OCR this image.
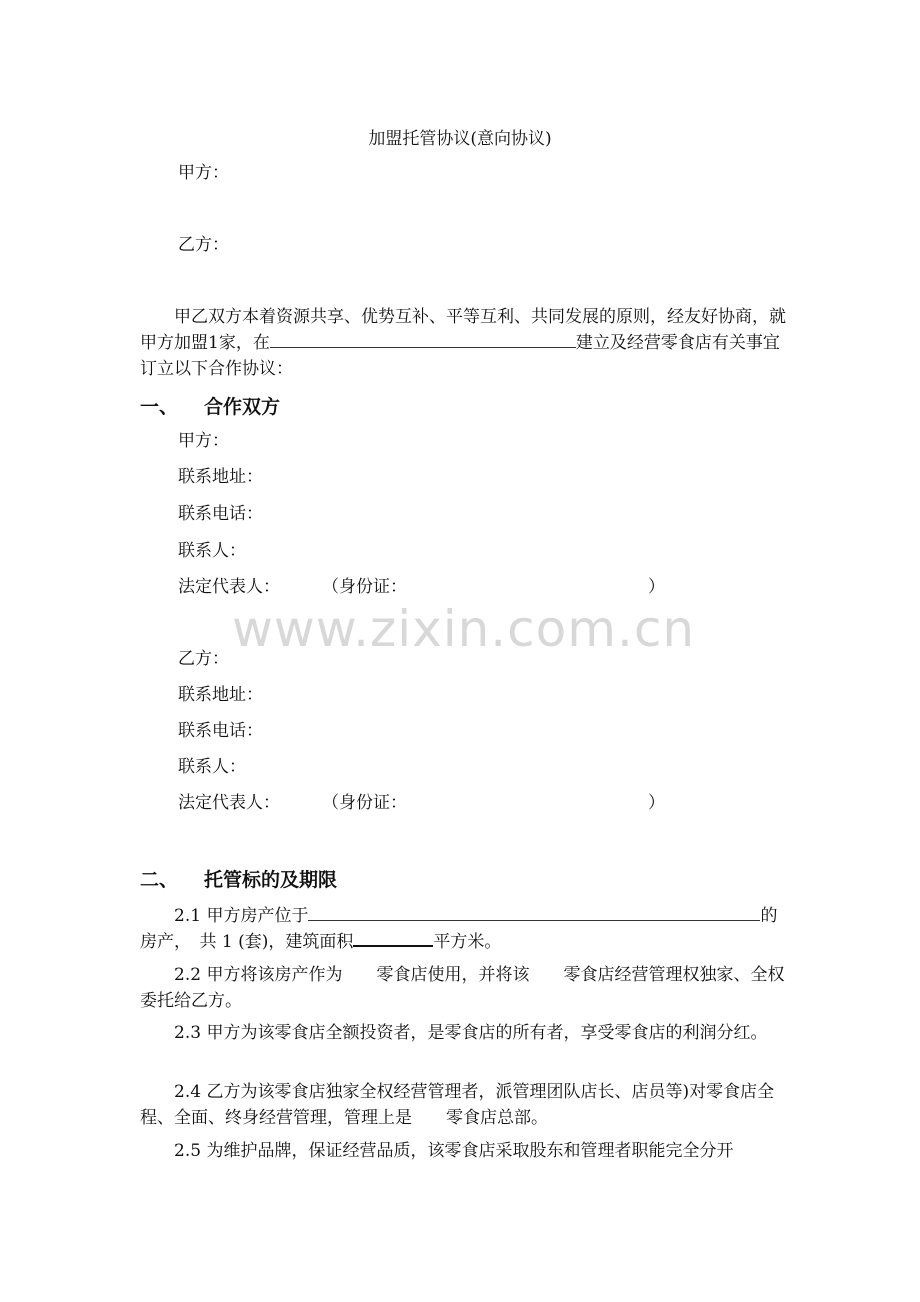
加盟托管协议(意向协议)
甲方：
乙方：

甲乙双方本着资源共享、优势互补、平等互利、共同发展的原则，经友好协商，就甲方加盟1家，在	建立及经营零食店有关事宜订立以下合作协议：

一、 合作双方
甲方：
联系地址：
联系电话：
联系人：
法定代表人： （身份证：	）
www.zixin.com.cn
乙方：
联系地址：
联系电话：
联系人：
法定代表人： （身份证：	）
二、 托管标的及期限

2.1 甲方房产位于	的房产，　共 1 (套)，建筑面积	平方米。

2.2 甲方将该房产作为　　零食店使用，并将该　　零食店经营管理权独家、全权委托给乙方。

2.3 甲方为该零食店全额投资者，是零食店的所有者，享受零食店的利润分红。

2.4 乙方为该零食店独家全权经营管理者，派管理团队店长、店员等)对零食店全程、全面、终身经营管理，管理上是　　零食店总部。

2.5 为维护品牌，保证经营品质，该零食店采取股东和管理者职能完全分开
